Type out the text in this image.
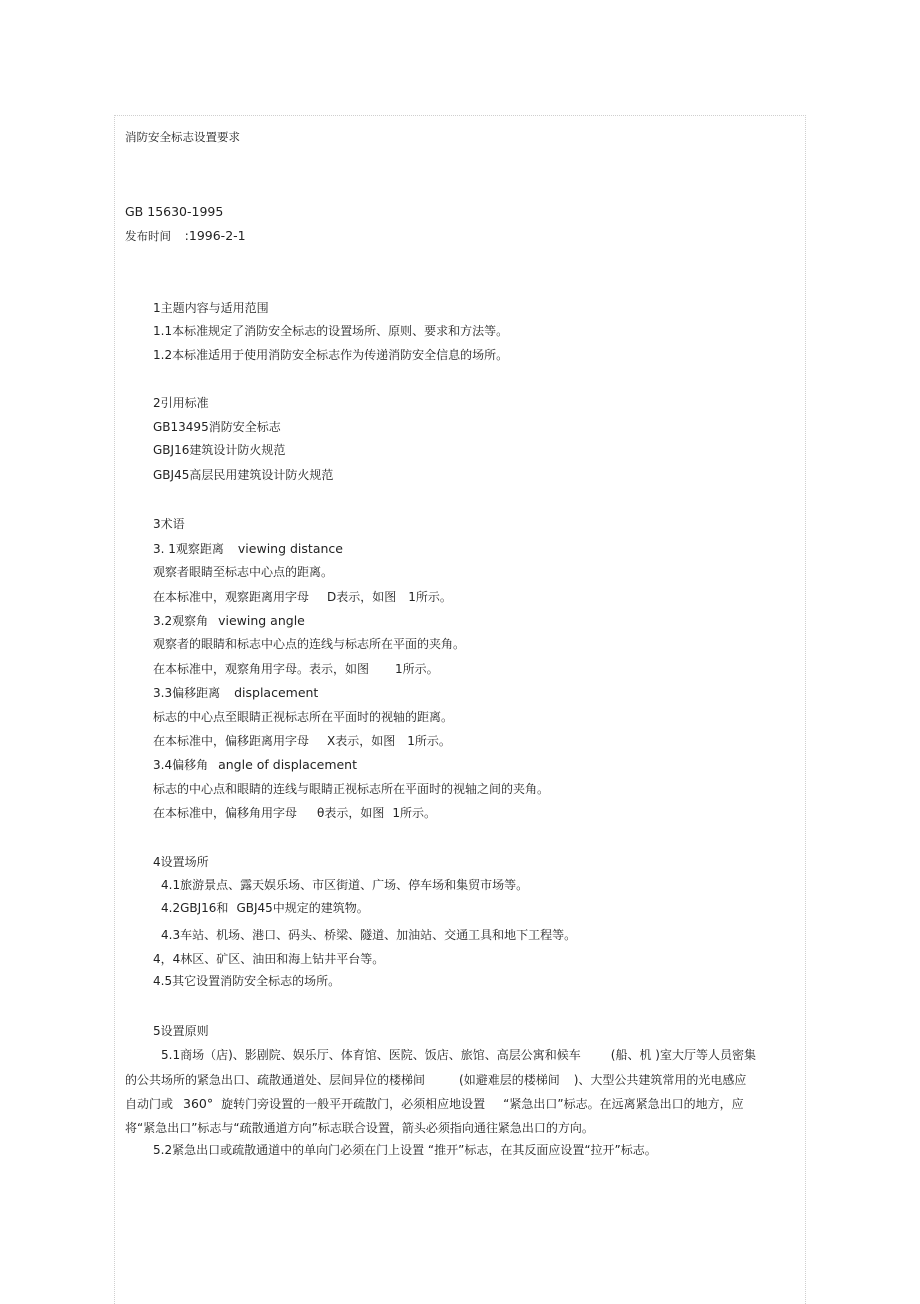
消防安全标志设置要求
GB 15630-1995
发布时间 :1996-2-1
1主题内容与适用范围
1.1本标准规定了消防安全标志的设置场所、原则、要求和方法等。
1.2本标准适用于使用消防安全标志作为传递消防安全信息的场所。
2引用标准
GB13495消防安全标志
GBJ16建筑设计防火规范
GBJ45高层民用建筑设计防火规范
3术语
3. 1观察距离 viewing distance
观察者眼睛至标志中心点的距离。
在本标准中，观察距离用字母 D表示，如图 1所示。
3.2观察角 viewing angle
观察者的眼睛和标志中心点的连线与标志所在平面的夹角。
在本标准中，观察角用字母。表示，如图 1所示。
3.3偏移距离 displacement
标志的中心点至眼睛正视标志所在平面时的视轴的距离。
在本标准中，偏移距离用字母 X表示，如图 1所示。
3.4偏移角 angle of displacement
标志的中心点和眼睛的连线与眼睛正视标志所在平面时的视轴之间的夹角。
在本标准中，偏移角用字母 θ表示，如图 1所示。
4设置场所
4.1旅游景点、露天娱乐场、市区街道、广场、停车场和集贸市场等。
4.2GBJ16和 GBJ45中规定的建筑物。
4.3车站、机场、港口、码头、桥梁、隧道、加油站、交通工具和地下工程等。
4，4林区、矿区、油田和海上钻井平台等。
4.5其它设置消防安全标志的场所。
5设置原则
5.1商场（店)、影剧院、娱乐厅、体育馆、医院、饭店、旅馆、高层公寓和候车	(船、机 )室大厅等人员密集
的公共场所的紧急出口、疏散通道处、层间异位的楼梯间	(如避难层的楼梯间 )、大型公共建筑常用的光电感应
自动门或 360° 旋转门旁设置的一般平开疏散门，必须相应地设置 “紧急出口”标志。在远离紧急出口的地方，应
将“紧急出口”标志与“疏散通道方向”标志联合设置，箭头必须指向通往紧急出口的方向。
5.2紧急出口或疏散通道中的单向门必须在门上设置 “推开”标志，在其反面应设置“拉开”标志。
